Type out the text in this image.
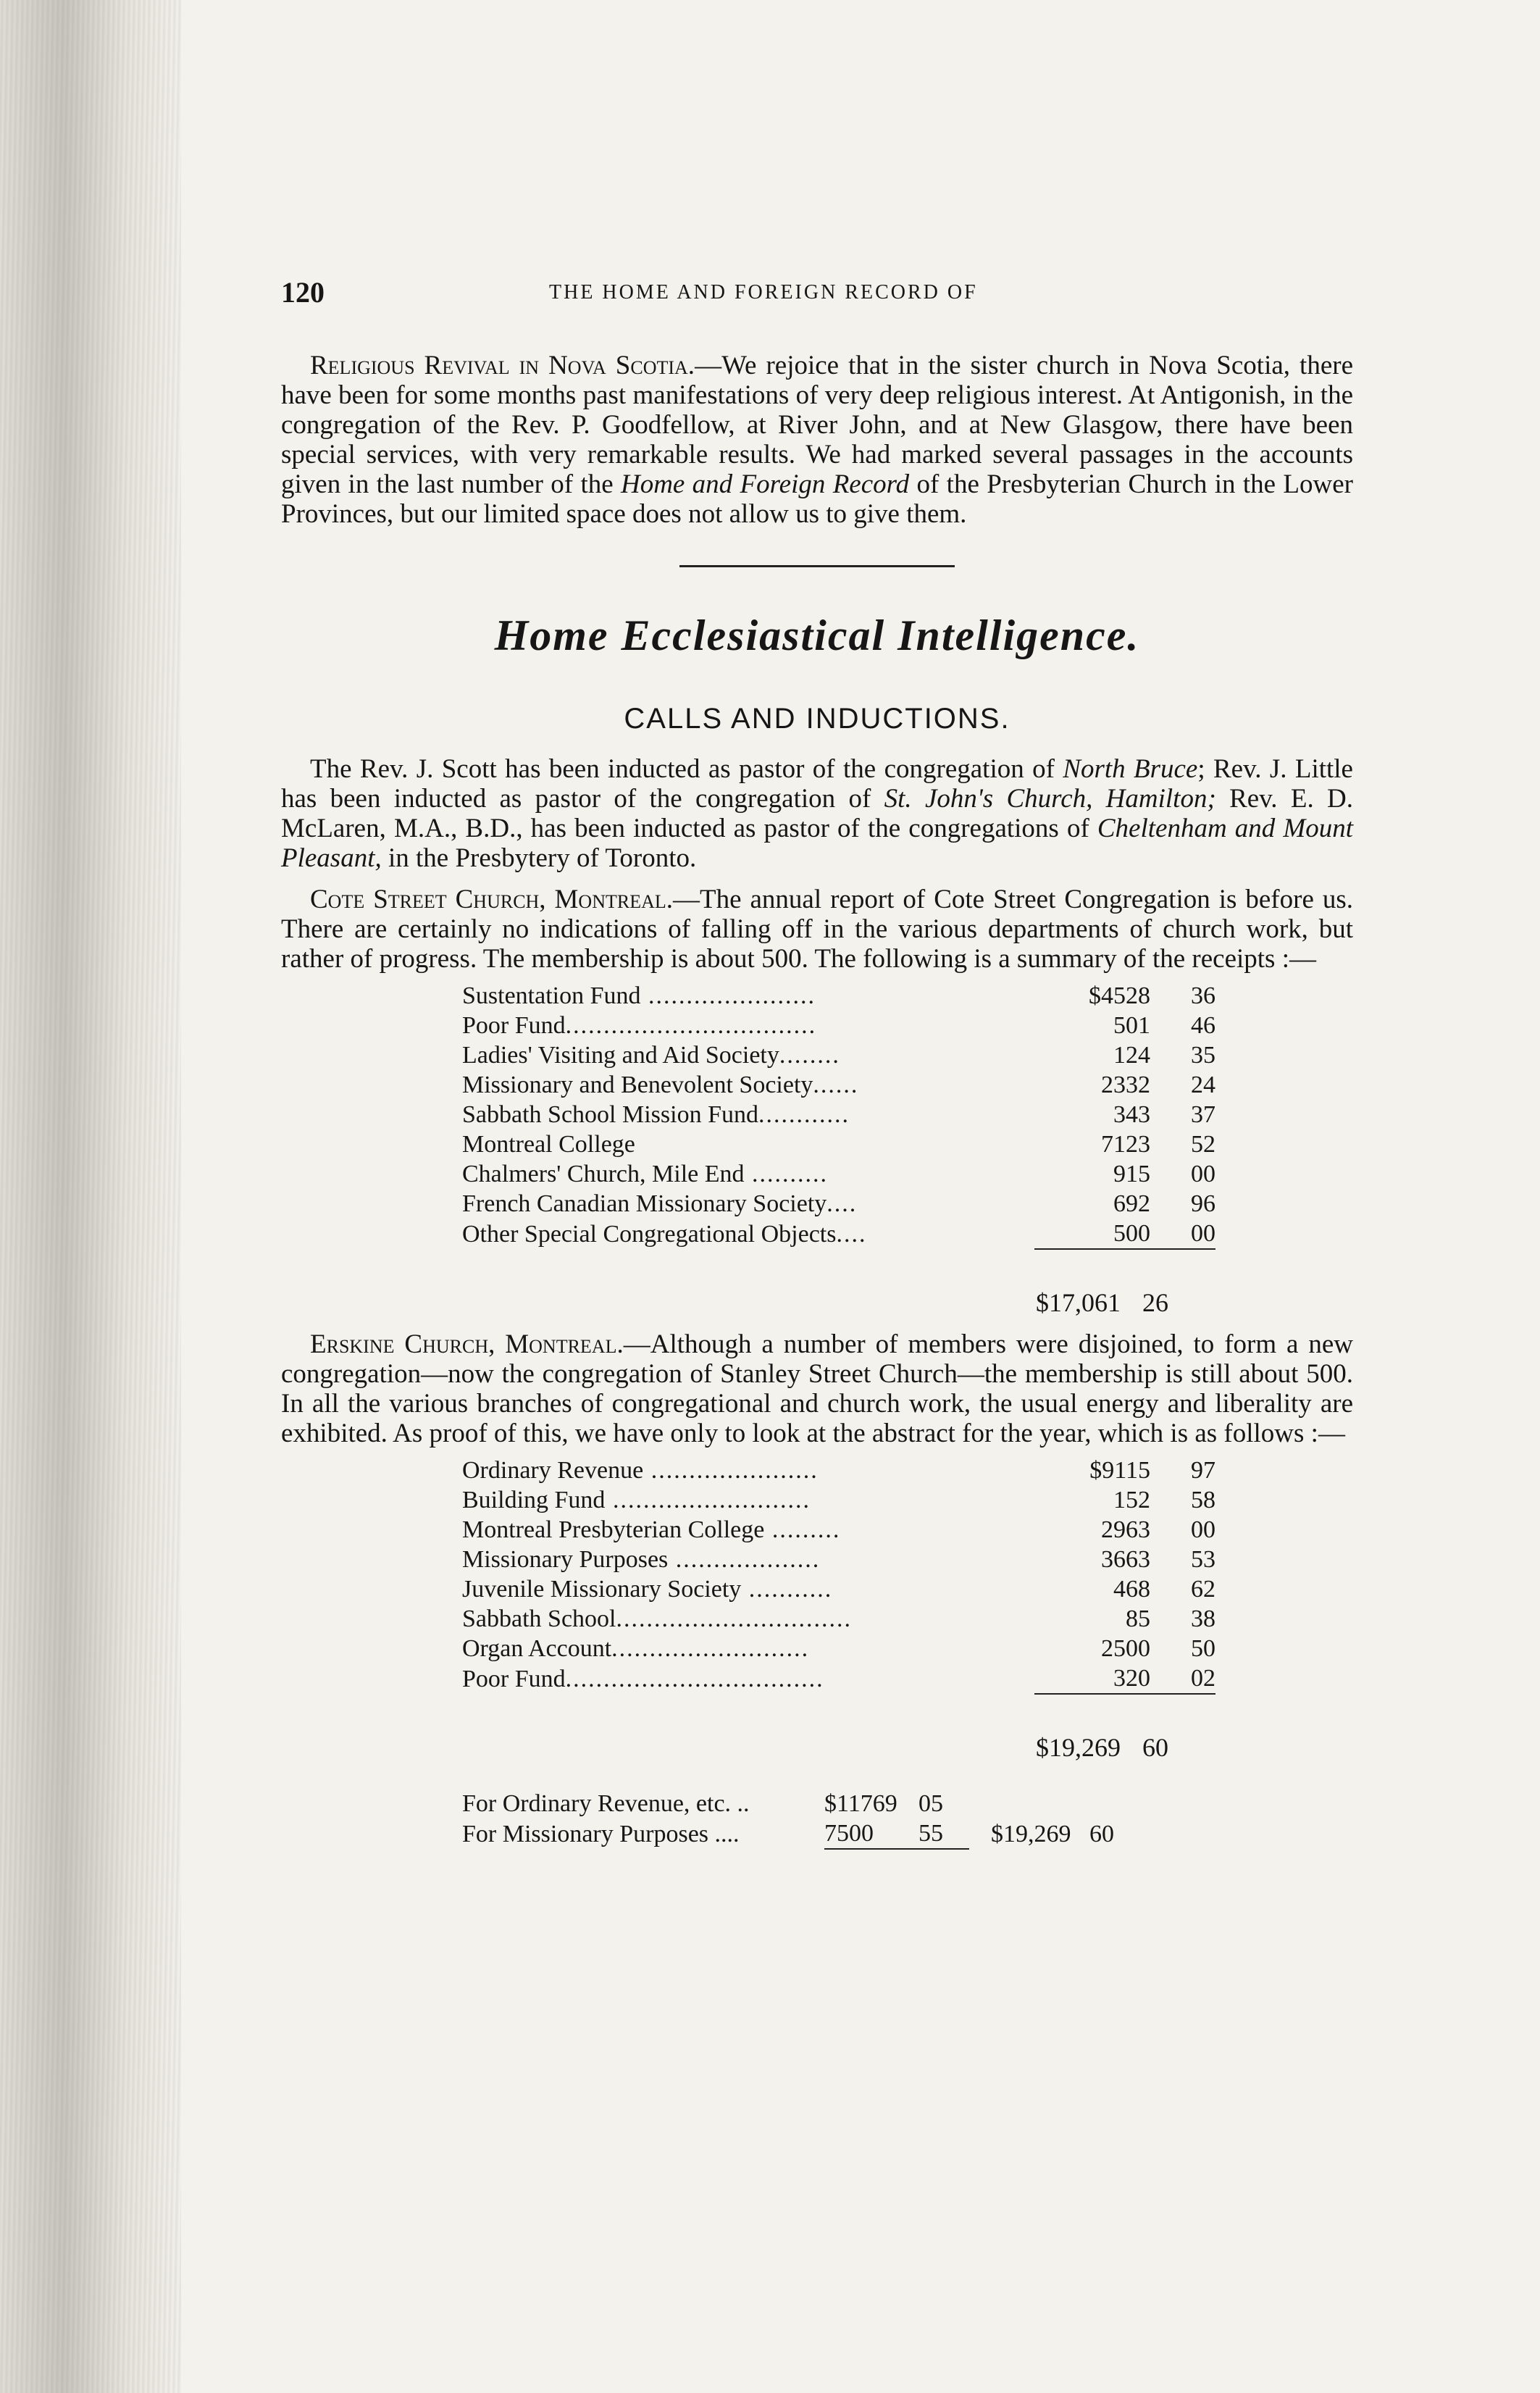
120	THE HOME AND FOREIGN RECORD OF

Religious Revival in Nova Scotia.—We rejoice that in the sister church in Nova Scotia, there have been for some months past manifestations of very deep religious interest. At Antigonish, in the congregation of the Rev. P. Goodfellow, at River John, and at New Glasgow, there have been special services, with very remarkable results. We had marked several passages in the accounts given in the last number of the Home and Foreign Record of the Presbyterian Church in the Lower Provinces, but our limited space does not allow us to give them.

Home Ecclesiastical Intelligence.
CALLS AND INDUCTIONS.

The Rev. J. Scott has been inducted as pastor of the congregation of North Bruce; Rev. J. Little has been inducted as pastor of the congregation of St. John's Church, Hamilton; Rev. E. D. McLaren, M.A., B.D., has been inducted as pastor of the congregations of Cheltenham and Mount Pleasant, in the Presbytery of Toronto.

Cote Street Church, Montreal.—The annual report of Cote Street Congregation is before us. There are certainly no indications of falling off in the various departments of church work, but rather of progress. The membership is about 500. The following is a summary of the receipts :—

Sustentation Fund ......................	$4528	36
Poor Fund.................................	501	46
Ladies' Visiting and Aid Society........	124	35
Missionary and Benevolent Society......	2332	24
Sabbath School Mission Fund............	343	37
Montreal College	7123	52
Chalmers' Church, Mile End ..........	915	00
French Canadian Missionary Society....	692	96
Other Special Congregational Objects....	500	00
$17,061 26

Erskine Church, Montreal.—Although a number of members were disjoined, to form a new congregation—now the congregation of Stanley Street Church—the membership is still about 500. In all the various branches of congregational and church work, the usual energy and liberality are exhibited. As proof of this, we have only to look at the abstract for the year, which is as follows :—

Ordinary Revenue ......................	$9115	97
Building Fund ..........................	152	58
Montreal Presbyterian College .........	2963	00
Missionary Purposes ...................	3663	53
Juvenile Missionary Society ...........	468	62
Sabbath School...............................	85	38
Organ Account..........................	2500	50
Poor Fund..................................	320	02
$19,269 60
For Ordinary Revenue, etc. ..	$11769	05	
For Missionary Purposes ....	7500	55	$19,269 60
